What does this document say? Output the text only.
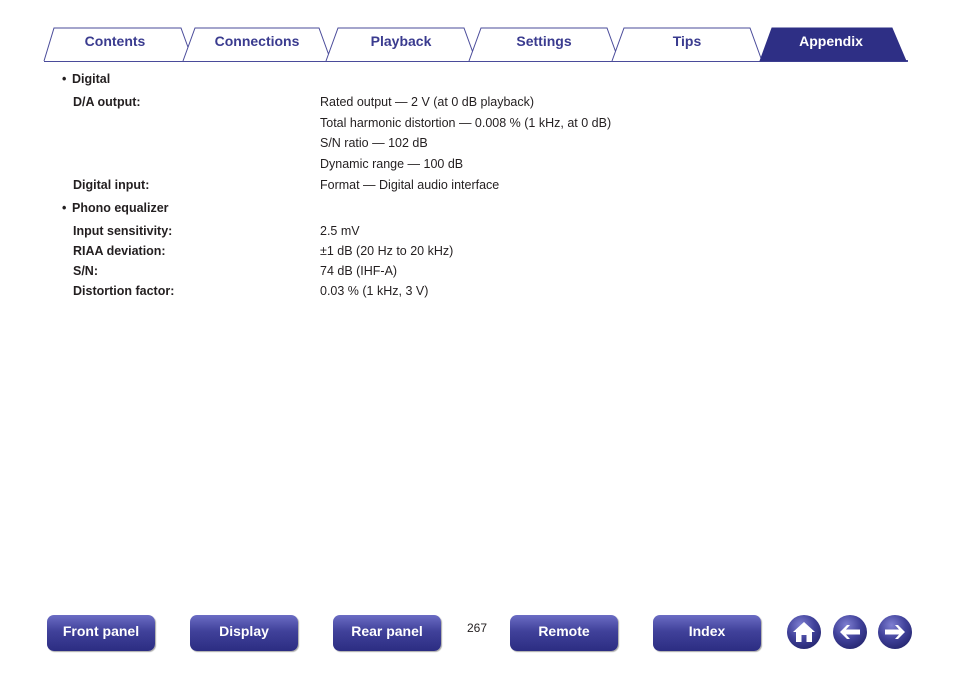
Contents	Connections	Playback	Settings	Tips	Appendix
• Digital
D/A output:	Rated output — 2 V (at 0 dB playback)
Total harmonic distortion — 0.008 % (1 kHz, at 0 dB)
S/N ratio — 102 dB
Dynamic range — 100 dB
Digital input:	Format — Digital audio interface
• Phono equalizer
Input sensitivity:	2.5 mV
RIAA deviation:	±1 dB (20 Hz to 20 kHz)
S/N:	74 dB (IHF-A)
Distortion factor:	0.03 % (1 kHz, 3 V)
Front panel	Display	Rear panel	267	Remote	Index
